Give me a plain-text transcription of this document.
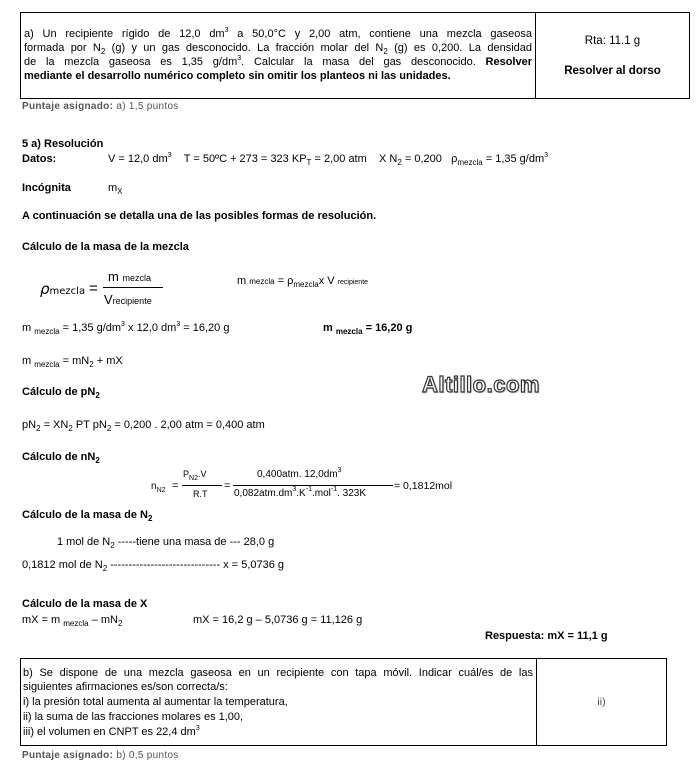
a) Un recipiente rígido de 12,0 $dm^3$ a 50,0°C y 2,00 atm, contiene una mezcla gaseosa
formada por $N_2$ (g) y un gas desconocido. La fracción molar del $N_2$ (g) es 0,200. La densidad
de la mezcla gaseosa es 1,35 $g/dm^3$. Calcular la masa del gas desconocido. Resolver
mediante el desarrollo numérico completo sin omitir los planteos ni las unidades.

Rta: 11.1 g
Resolver al dorso
Puntaje asignado: a) 1,5 puntos
5 a) Resolución
Datos:	V = 12,0 $dm^3$ T = 50ºC + 273 = 323 $KP_T = 2,00$ atm X $N_2 = 0,200$ $\rho_{mezcla} = 1,35$ $g/dm^3$
Incógnita	$m_X$
A continuación se detalla una de las posibles formas de resolución.
Cálculo de la masa de la mezcla
ρmezcla =
m mezcla
Vrecipiente
m mezcla = $\rho_{mezcla}x$ V recipiente
m $_{mezcla}$ = 1,35 $g/dm^3$ x 12,0 $dm^3 = 16,20$ g	m $_{mezcla}$ = 16,20 g
m $_{mezcla} = mN_2$ + mX
Altillo.com
Cálculo de $pN_2$
$pN_2 = XN_2$ PT $pN_2 = 0,200$ . 2,00 atm = 0,400 atm
Cálculo de $nN_2$
$n_{N2}$ =
$P_{N2}.V$
R.T
=
0,400atm. $12,0dm^3$
$0,082atm.dm^3.K^{-1}.mol^{-1}$. 323K
= 0,1812mol
Cálculo de la masa de $N_2$
1 mol de $N_2$ -----tiene una masa de --- 28,0 g
0,1812 mol de $N_2$ ------------------------------ x = 5,0736 g
Cálculo de la masa de X
mX = m $_{mezcla} - mN_2$	mX = 16,2 g – 5,0736 g = 11,126 g
Respuesta: mX = 11,1 g
b) Se dispone de una mezcla gaseosa en un recipiente con tapa móvil. Indicar cuál/es de las
siguientes afirmaciones es/son correcta/s:
i) la presión total aumenta al aumentar la temperatura,
ii) la suma de las fracciones molares es 1,00,
iii) el volumen en CNPT es 22,4 $dm^3$
	ii)
Puntaje asignado: b) 0,5 puntos
